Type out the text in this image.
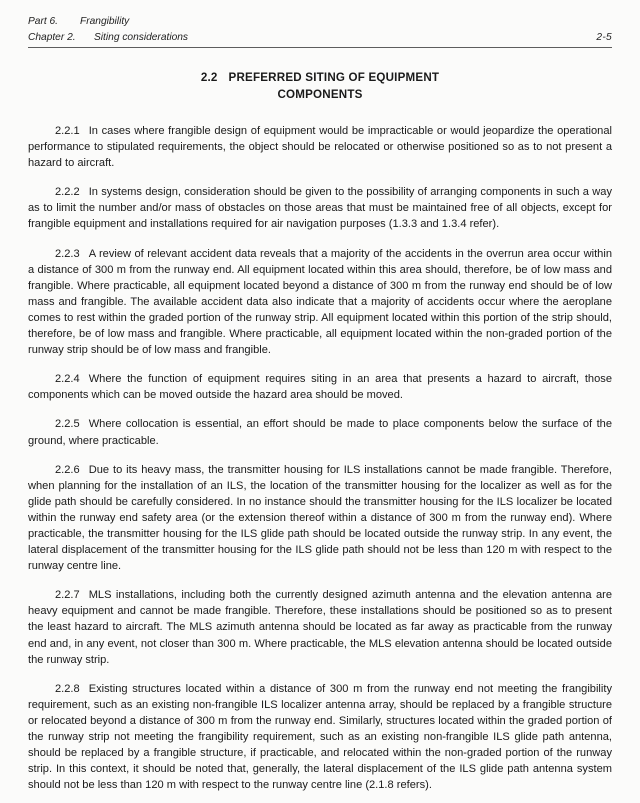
Part 6. Frangibility
Chapter 2. Siting considerations	2-5
2.2 PREFERRED SITING OF EQUIPMENT
COMPONENTS

2.2.1 In cases where frangible design of equipment would be impracticable or would jeopardize the operational performance to stipulated requirements, the object should be relocated or otherwise positioned so as to not present a hazard to aircraft.

2.2.2 In systems design, consideration should be given to the possibility of arranging components in such a way as to limit the number and/or mass of obstacles on those areas that must be maintained free of all objects, except for frangible equipment and installations required for air navigation purposes (1.3.3 and 1.3.4 refer).

2.2.3 A review of relevant accident data reveals that a majority of the accidents in the overrun area occur within a distance of 300 m from the runway end. All equipment located within this area should, therefore, be of low mass and frangible. Where practicable, all equipment located beyond a distance of 300 m from the runway end should be of low mass and frangible. The available accident data also indicate that a majority of accidents occur where the aeroplane comes to rest within the graded portion of the runway strip. All equipment located within this portion of the strip should, therefore, be of low mass and frangible. Where practicable, all equipment located within the non-graded portion of the runway strip should be of low mass and frangible.

2.2.4 Where the function of equipment requires siting in an area that presents a hazard to aircraft, those components which can be moved outside the hazard area should be moved.

2.2.5 Where collocation is essential, an effort should be made to place components below the surface of the ground, where practicable.

2.2.6 Due to its heavy mass, the transmitter housing for ILS installations cannot be made frangible. Therefore, when planning for the installation of an ILS, the location of the transmitter housing for the localizer as well as for the glide path should be carefully considered. In no instance should the transmitter housing for the ILS localizer be located within the runway end safety area (or the extension thereof within a distance of 300 m from the runway end). Where practicable, the transmitter housing for the ILS glide path should be located outside the runway strip. In any event, the lateral displacement of the transmitter housing for the ILS glide path should not be less than 120 m with respect to the runway centre line.

2.2.7 MLS installations, including both the currently designed azimuth antenna and the elevation antenna are heavy equipment and cannot be made frangible. Therefore, these installations should be positioned so as to present the least hazard to aircraft. The MLS azimuth antenna should be located as far away as practicable from the runway end and, in any event, not closer than 300 m. Where practicable, the MLS elevation antenna should be located outside the runway strip.

2.2.8 Existing structures located within a distance of 300 m from the runway end not meeting the frangibility requirement, such as an existing non-frangible ILS localizer antenna array, should be replaced by a frangible structure or relocated beyond a distance of 300 m from the runway end. Similarly, structures located within the graded portion of the runway strip not meeting the frangibility requirement, such as an existing non-frangible ILS glide path antenna, should be replaced by a frangible structure, if practicable, and relocated within the non-graded portion of the runway strip. In this context, it should be noted that, generally, the lateral displacement of the ILS glide path antenna system should not be less than 120 m with respect to the runway centre line (2.1.8 refers).
